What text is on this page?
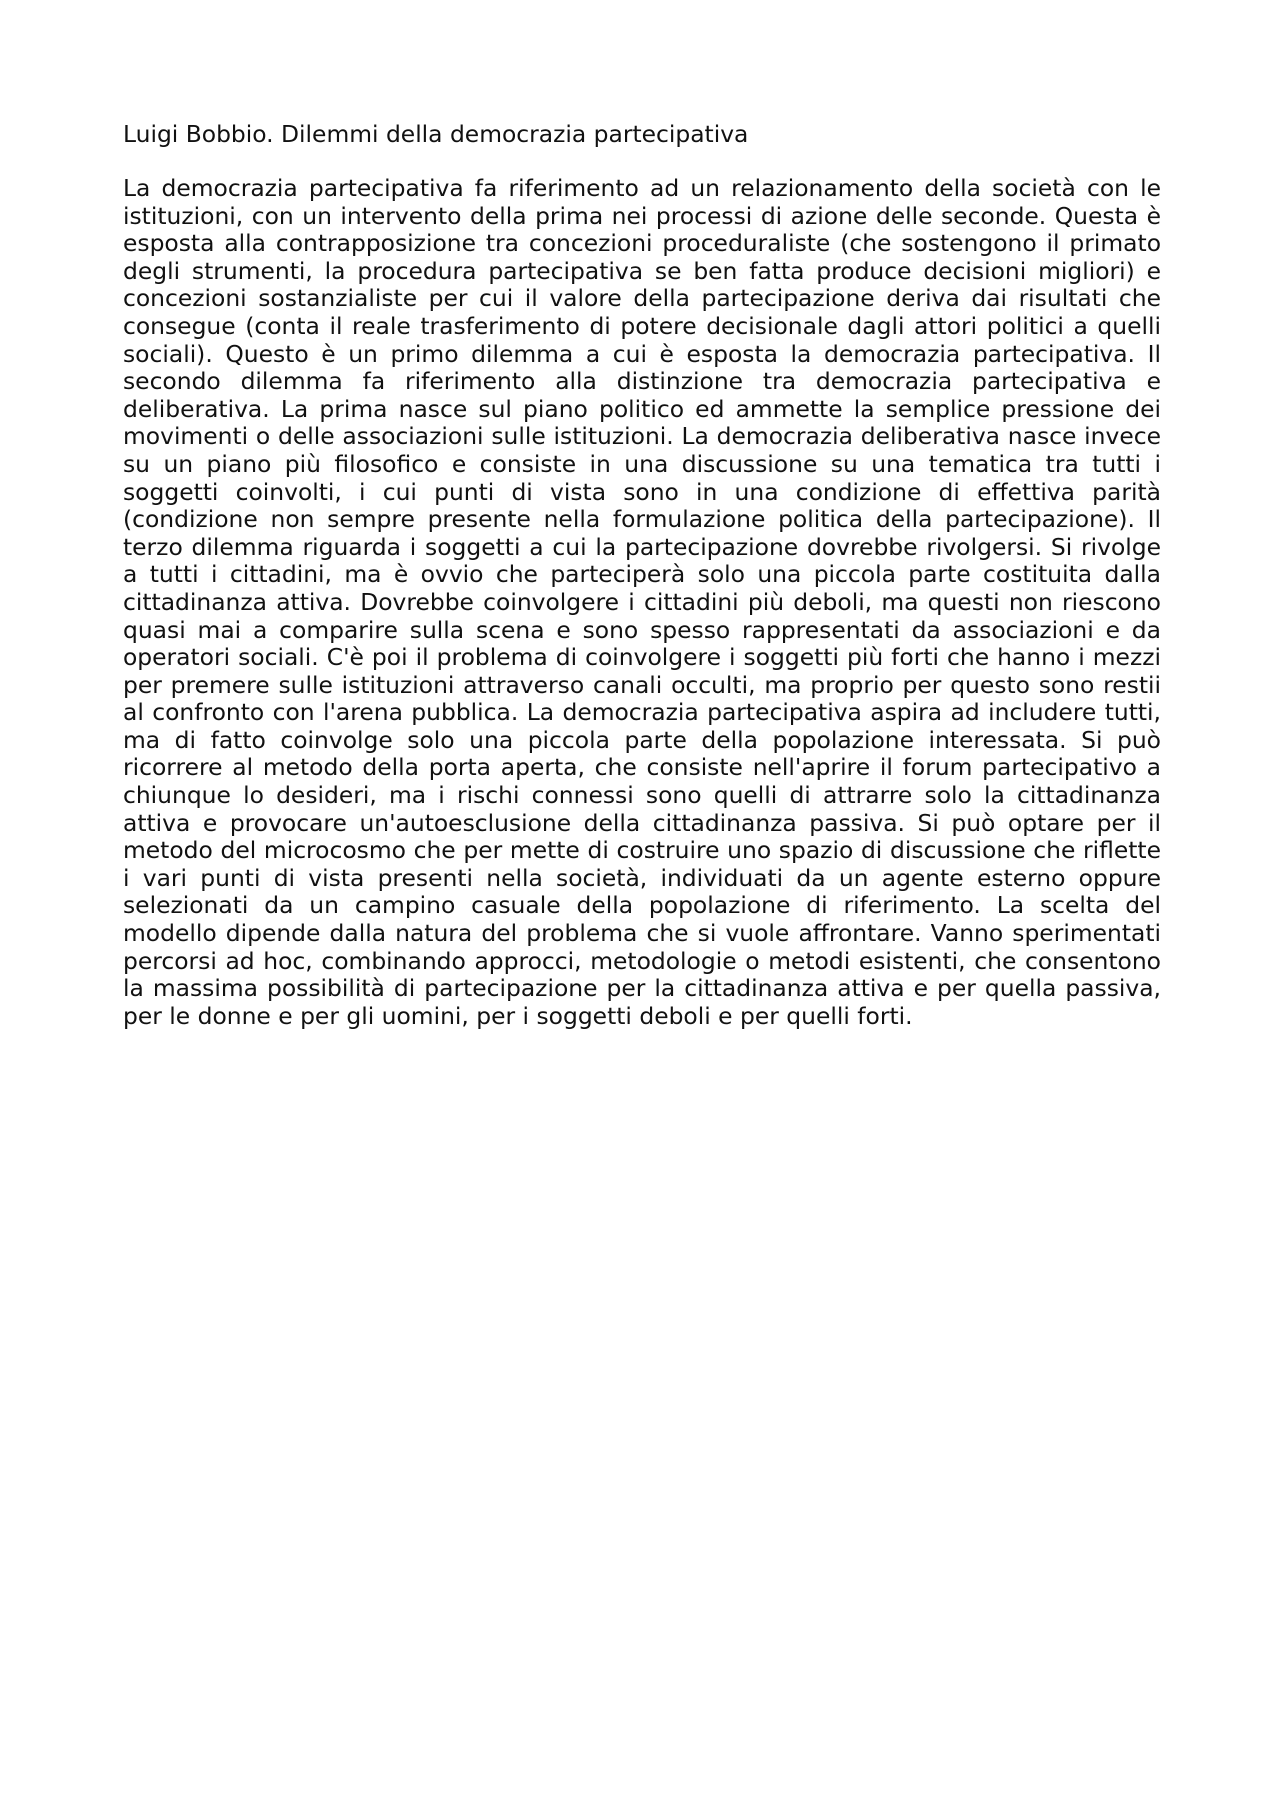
Luigi Bobbio. Dilemmi della democrazia partecipativa

La democrazia partecipativa fa riferimento ad un relazionamento della società con le istituzioni, con un intervento della prima nei processi di azione delle seconde. Questa è esposta alla contrapposizione tra concezioni proceduraliste (che sostengono il primato degli strumenti, la procedura partecipativa se ben fatta produce decisioni migliori) e concezioni sostanzialiste per cui il valore della partecipazione deriva dai risultati che consegue (conta il reale trasferimento di potere decisionale dagli attori politici a quelli sociali). Questo è un primo dilemma a cui è esposta la democrazia partecipativa. Il secondo dilemma fa riferimento alla distinzione tra democrazia partecipativa e deliberativa. La prima nasce sul piano politico ed ammette la semplice pressione dei movimenti o delle associazioni sulle istituzioni. La democrazia deliberativa nasce invece su un piano più filosofico e consiste in una discussione su una tematica tra tutti i soggetti coinvolti, i cui punti di vista sono in una condizione di effettiva parità (condizione non sempre presente nella formulazione politica della partecipazione). Il terzo dilemma riguarda i soggetti a cui la partecipazione dovrebbe rivolgersi. Si rivolge a tutti i cittadini, ma è ovvio che parteciperà solo una piccola parte costituita dalla cittadinanza attiva. Dovrebbe coinvolgere i cittadini più deboli, ma questi non riescono quasi mai a comparire sulla scena e sono spesso rappresentati da associazioni e da operatori sociali. C'è poi il problema di coinvolgere i soggetti più forti che hanno i mezzi per premere sulle istituzioni attraverso canali occulti, ma proprio per questo sono restii al confronto con l'arena pubblica. La democrazia partecipativa aspira ad includere tutti, ma di fatto coinvolge solo una piccola parte della popolazione interessata. Si può ricorrere al metodo della porta aperta, che consiste nell'aprire il forum partecipativo a chiunque lo desideri, ma i rischi connessi sono quelli di attrarre solo la cittadinanza attiva e provocare un'autoesclusione della cittadinanza passiva. Si può optare per il metodo del microcosmo che per mette di costruire uno spazio di discussione che riflette i vari punti di vista presenti nella società, individuati da un agente esterno oppure selezionati da un campino casuale della popolazione di riferimento. La scelta del modello dipende dalla natura del problema che si vuole affrontare. Vanno sperimentati percorsi ad hoc, combinando approcci, metodologie o metodi esistenti, che consentono la massima possibilità di partecipazione per la cittadinanza attiva e per quella passiva, per le donne e per gli uomini, per i soggetti deboli e per quelli forti.
